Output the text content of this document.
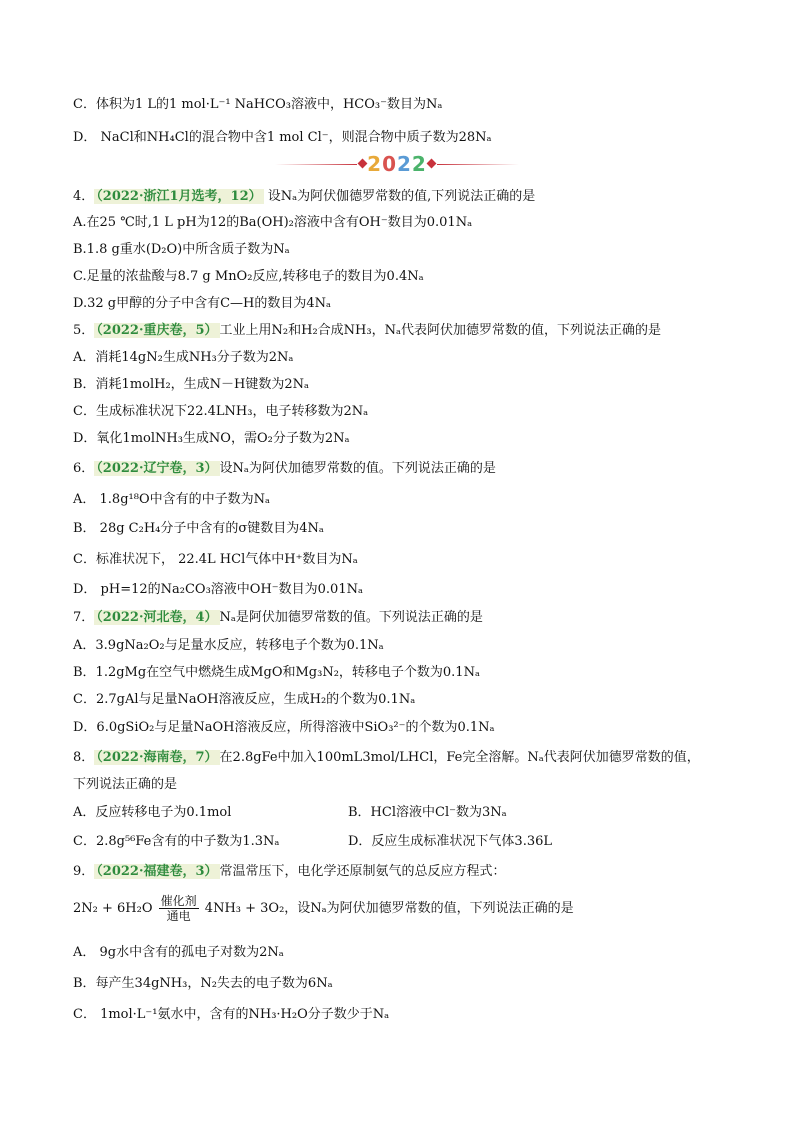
C．体积为1 L的1 mol·L⁻¹ NaHCO₃溶液中，HCO₃⁻数目为Nₐ
D． NaCl和NH₄Cl的混合物中含1 mol Cl⁻，则混合物中质子数为28Nₐ
2022
4． （2022·浙江1月选考，12） 设Nₐ为阿伏伽德罗常数的值,下列说法正确的是
A.在25 ℃时,1 L pH为12的Ba(OH)₂溶液中含有OH⁻数目为0.01Nₐ
B.1.8 g重水(D₂O)中所含质子数为Nₐ
C.足量的浓盐酸与8.7 g MnO₂反应,转移电子的数目为0.4Nₐ
D.32 g甲醇的分子中含有C—H的数目为4Nₐ
5． （2022·重庆卷，5） 工业上用N₂和H₂合成NH₃，Nₐ代表阿伏加德罗常数的值，下列说法正确的是
A．消耗14gN₂生成NH₃分子数为2Nₐ
B．消耗1molH₂，生成N－H键数为2Nₐ
C．生成标准状况下22.4LNH₃，电子转移数为2Nₐ
D．氧化1molNH₃生成NO，需O₂分子数为2Nₐ
6． （2022·辽宁卷，3） 设Nₐ为阿伏加德罗常数的值。下列说法正确的是
A． 1.8g¹⁸O中含有的中子数为Nₐ
B． 28g C₂H₄分子中含有的σ键数目为4Nₐ
C．标准状况下， 22.4L HCl气体中H⁺数目为Nₐ
D． pH=12的Na₂CO₃溶液中OH⁻数目为0.01Nₐ
7． （2022·河北卷，4） Nₐ是阿伏加德罗常数的值。下列说法正确的是
A．3.9gNa₂O₂与足量水反应，转移电子个数为0.1Nₐ
B．1.2gMg在空气中燃烧生成MgO和Mg₃N₂，转移电子个数为0.1Nₐ
C．2.7gAl与足量NaOH溶液反应，生成H₂的个数为0.1Nₐ
D．6.0gSiO₂与足量NaOH溶液反应，所得溶液中SiO₃²⁻的个数为0.1Nₐ
8． （2022·海南卷，7） 在2.8gFe中加入100mL3mol/LHCl，Fe完全溶解。Nₐ代表阿伏加德罗常数的值，
下列说法正确的是
A．反应转移电子为0.1mol	B．HCl溶液中Cl⁻数为3Nₐ
C．2.8g⁵⁶Fe含有的中子数为1.3Nₐ	D．反应生成标准状况下气体3.36L
9． （2022·福建卷，3） 常温常压下，电化学还原制氨气的总反应方程式：
$2N_2 + 6H_2O \frac{\text{催化剂}}{\text{通电}} 4NH_3 + 3O_2$，设Nₐ为阿伏加德罗常数的值，下列说法正确的是
A． 9g水中含有的孤电子对数为2Nₐ
B．每产生34gNH₃，N₂失去的电子数为6Nₐ
C． 1mol·L⁻¹氨水中，含有的NH₃·H₂O分子数少于Nₐ
